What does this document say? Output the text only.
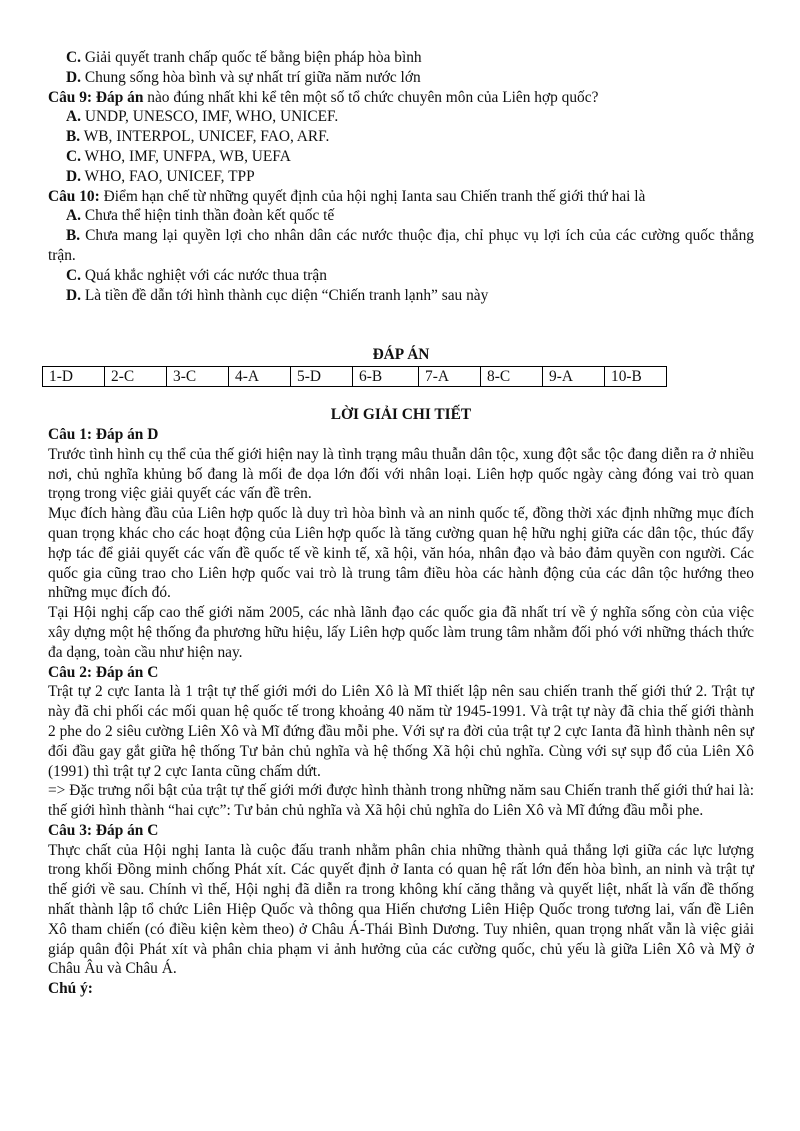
C. Giải quyết tranh chấp quốc tế bằng biện pháp hòa bình

D. Chung sống hòa bình và sự nhất trí giữa năm nước lớn

Câu 9: Đáp án nào đúng nhất khi kể tên một số tổ chức chuyên môn của Liên hợp quốc?

A. UNDP, UNESCO, IMF, WHO, UNICEF.

B. WB, INTERPOL, UNICEF, FAO, ARF.

C. WHO, IMF, UNFPA, WB, UEFA

D. WHO, FAO, UNICEF, TPP

Câu 10: Điểm hạn chế từ những quyết định của hội nghị Ianta sau Chiến tranh thế giới thứ hai là

A. Chưa thể hiện tinh thần đoàn kết quốc tế

B. Chưa mang lại quyền lợi cho nhân dân các nước thuộc địa, chỉ phục vụ lợi ích của các cường quốc thắng trận.

C. Quá khắc nghiệt với các nước thua trận

D. Là tiền đề dẫn tới hình thành cục diện “Chiến tranh lạnh” sau này

ĐÁP ÁN

1-D	2-C	3-C	4-A	5-D	6-B	7-A	8-C	9-A	10-B

LỜI GIẢI CHI TIẾT

Câu 1: Đáp án D

Trước tình hình cụ thể của thế giới hiện nay là tình trạng mâu thuẫn dân tộc, xung đột sắc tộc đang diễn ra ở nhiều nơi, chủ nghĩa khủng bố đang là mối đe dọa lớn đối với nhân loại. Liên hợp quốc ngày càng đóng vai trò quan trọng trong việc giải quyết các vấn đề trên.

Mục đích hàng đầu của Liên hợp quốc là duy trì hòa bình và an ninh quốc tế, đồng thời xác định những mục đích quan trọng khác cho các hoạt động của Liên hợp quốc là tăng cường quan hệ hữu nghị giữa các dân tộc, thúc đẩy hợp tác để giải quyết các vấn đề quốc tế về kinh tế, xã hội, văn hóa, nhân đạo và bảo đảm quyền con người. Các quốc gia cũng trao cho Liên hợp quốc vai trò là trung tâm điều hòa các hành động của các dân tộc hướng theo những mục đích đó.

Tại Hội nghị cấp cao thế giới năm 2005, các nhà lãnh đạo các quốc gia đã nhất trí về ý nghĩa sống còn của việc xây dựng một hệ thống đa phương hữu hiệu, lấy Liên hợp quốc làm trung tâm nhằm đối phó với những thách thức đa dạng, toàn cầu như hiện nay.

Câu 2: Đáp án C

Trật tự 2 cực Ianta là 1 trật tự thế giới mới do Liên Xô là Mĩ thiết lập nên sau chiến tranh thế giới thứ 2. Trật tự này đã chi phối các mối quan hệ quốc tế trong khoảng 40 năm từ 1945-1991. Và trật tự này đã chia thế giới thành 2 phe do 2 siêu cường Liên Xô và Mĩ đứng đầu mỗi phe. Với sự ra đời của trật tự 2 cực Ianta đã hình thành nên sự đối đầu gay gắt giữa hệ thống Tư bản chủ nghĩa và hệ thống Xã hội chủ nghĩa. Cùng với sự sụp đổ của Liên Xô (1991) thì trật tự 2 cực Ianta cũng chấm dứt.

=> Đặc trưng nổi bật của trật tự thế giới mới được hình thành trong những năm sau Chiến tranh thế giới thứ hai là: thế giới hình thành “hai cực”: Tư bản chủ nghĩa và Xã hội chủ nghĩa do Liên Xô và Mĩ đứng đầu mỗi phe.

Câu 3: Đáp án C

Thực chất của Hội nghị Ianta là cuộc đấu tranh nhằm phân chia những thành quả thắng lợi giữa các lực lượng trong khối Đồng minh chống Phát xít. Các quyết định ở Ianta có quan hệ rất lớn đến hòa bình, an ninh và trật tự thế giới về sau. Chính vì thế, Hội nghị đã diễn ra trong không khí căng thẳng và quyết liệt, nhất là vấn đề thống nhất thành lập tổ chức Liên Hiệp Quốc và thông qua Hiến chương Liên Hiệp Quốc trong tương lai, vấn đề Liên Xô tham chiến (có điều kiện kèm theo) ở Châu Á-Thái Bình Dương. Tuy nhiên, quan trọng nhất vẫn là việc giải giáp quân đội Phát xít và phân chia phạm vi ảnh hưởng của các cường quốc, chủ yếu là giữa Liên Xô và Mỹ ở Châu Âu và Châu Á.

Chú ý:
